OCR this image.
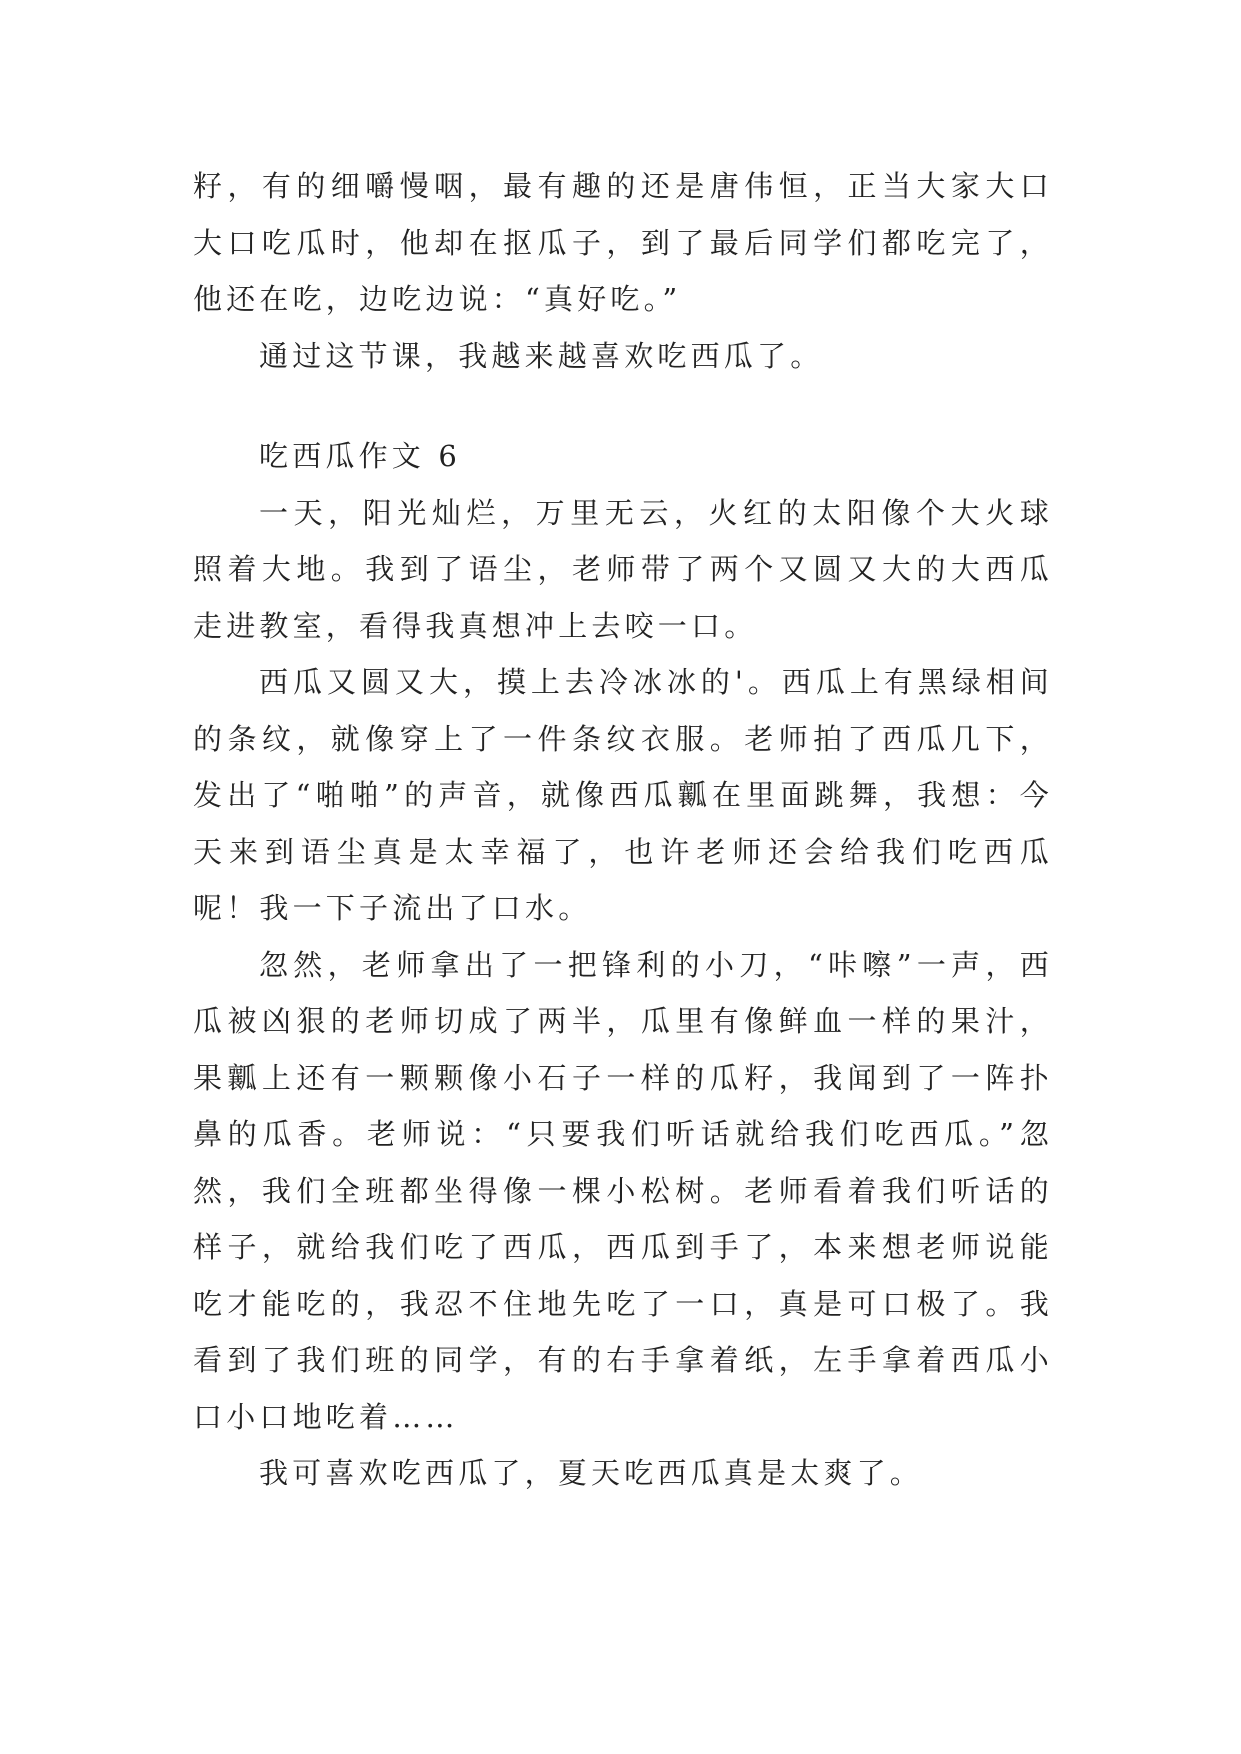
籽，有的细嚼慢咽，最有趣的还是唐伟恒，正当大家大口大口吃瓜时，他却在抠瓜子，到了最后同学们都吃完了，他还在吃，边吃边说：“真好吃。”

通过这节课，我越来越喜欢吃西瓜了。

吃西瓜作文 6

一天，阳光灿烂，万里无云，火红的太阳像个大火球照着大地。我到了语尘，老师带了两个又圆又大的大西瓜走进教室，看得我真想冲上去咬一口。

西瓜又圆又大，摸上去冷冰冰的'。西瓜上有黑绿相间的条纹，就像穿上了一件条纹衣服。老师拍了西瓜几下，发出了“啪啪”的声音，就像西瓜瓤在里面跳舞，我想：今天来到语尘真是太幸福了，也许老师还会给我们吃西瓜呢！我一下子流出了口水。

忽然，老师拿出了一把锋利的小刀，“咔嚓”一声，西瓜被凶狠的老师切成了两半，瓜里有像鲜血一样的果汁，果瓤上还有一颗颗像小石子一样的瓜籽，我闻到了一阵扑鼻的瓜香。老师说：“只要我们听话就给我们吃西瓜。”忽然，我们全班都坐得像一棵小松树。老师看着我们听话的样子，就给我们吃了西瓜，西瓜到手了，本来想老师说能吃才能吃的，我忍不住地先吃了一口，真是可口极了。我看到了我们班的同学，有的右手拿着纸，左手拿着西瓜小口小口地吃着……

我可喜欢吃西瓜了，夏天吃西瓜真是太爽了。
